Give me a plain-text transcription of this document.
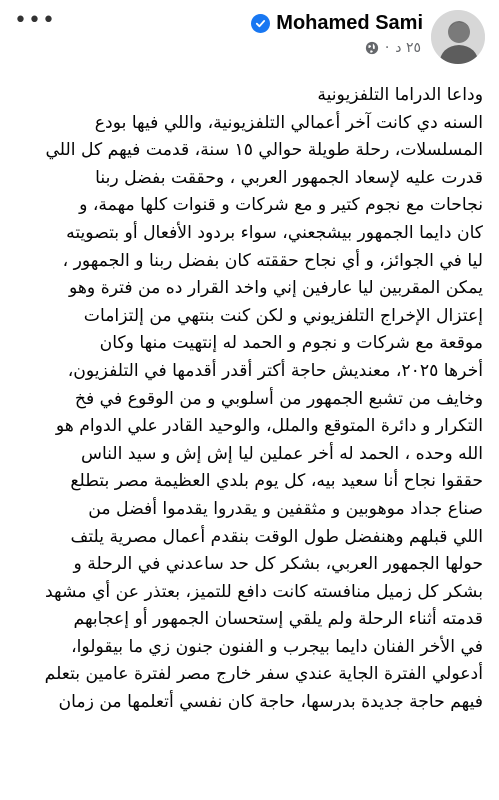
•••	Mohamed Sami
٢٥ د
·

وداعا الدراما التلفزيونية

السنه دي كانت آخر أعمالي التلفزيونية، واللي فيها بودع

المسلسلات، رحلة طويلة حوالي ١٥ سنة، قدمت فيهم كل اللي

قدرت عليه لإسعاد الجمهور العربي ، وحققت بفضل ربنا

نجاحات مع نجوم كتير و مع شركات و قنوات كلها مهمة، و

كان دايما الجمهور بيشجعني، سواء بردود الأفعال أو بتصويته

ليا في الجوائز، و أي نجاح حققته كان بفضل ربنا و الجمهور ،

يمكن المقربين ليا عارفين إني واخد القرار ده من فترة وهو

إعتزال الإخراج التلفزيوني و لكن كنت بنتهي من إلتزامات

موقعة مع شركات و نجوم و الحمد له إنتهيت منها وكان

أخرها ٢٠٢٥، معنديش حاجة أكتر أقدر أقدمها في التلفزيون،

وخايف من تشبع الجمهور من أسلوبي و من الوقوع في فخ

التكرار و دائرة المتوقع والملل، والوحيد القادر علي الدوام هو

الله وحده ، الحمد له أخر عملين ليا إش إش و سيد الناس

حققوا نجاح أنا سعيد بيه، كل يوم بلدي العظيمة مصر بتطلع

صناع جداد موهوبين و مثقفين و يقدروا يقدموا أفضل من

اللي قبلهم وهنفضل طول الوقت بنقدم أعمال مصرية يلتف

حولها الجمهور العربي، بشكر كل حد ساعدني في الرحلة و

بشكر كل زميل منافسته كانت دافع للتميز، بعتذر عن أي مشهد

قدمته أثناء الرحلة ولم يلقي إستحسان الجمهور أو إعجابهم

في الأخر الفنان دايما بيجرب و الفنون جنون زي ما بيقولوا،

أدعولي الفترة الجاية عندي سفر خارج مصر لفترة عامين بتعلم

فيهم حاجة جديدة بدرسها، حاجة كان نفسي أتعلمها من زمان
